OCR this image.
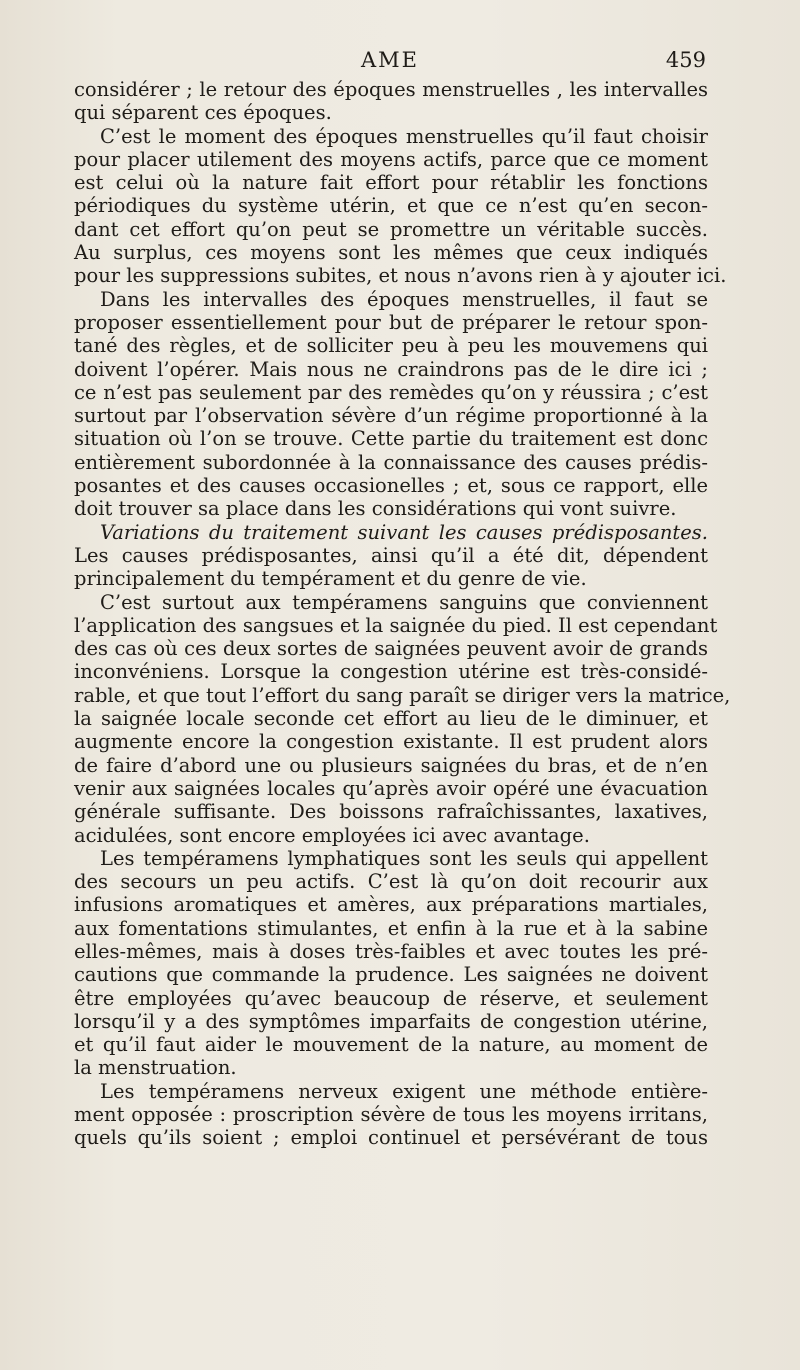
AME	459
considérer ; le retour des époques menstruelles , les intervalles
qui séparent ces époques.
C’est le moment des époques menstruelles qu’il faut choisir
pour placer utilement des moyens actifs, parce que ce moment
est celui où la nature fait effort pour rétablir les fonctions
périodiques du système utérin, et que ce n’est qu’en secon-
dant cet effort qu’on peut se promettre un véritable succès.
Au surplus, ces moyens sont les mêmes que ceux indiqués
pour les suppressions subites, et nous n’avons rien à y ajouter ici.
Dans les intervalles des époques menstruelles, il faut se
proposer essentiellement pour but de préparer le retour spon-
tané des règles, et de solliciter peu à peu les mouvemens qui
doivent l’opérer. Mais nous ne craindrons pas de le dire ici ;
ce n’est pas seulement par des remèdes qu’on y réussira ; c’est
surtout par l’observation sévère d’un régime proportionné à la
situation où l’on se trouve. Cette partie du traitement est donc
entièrement subordonnée à la connaissance des causes prédis-
posantes et des causes occasionelles ; et, sous ce rapport, elle
doit trouver sa place dans les considérations qui vont suivre.
Variations du traitement suivant les causes prédisposantes.
Les causes prédisposantes, ainsi qu’il a été dit, dépendent
principalement du tempérament et du genre de vie.
C’est surtout aux tempéramens sanguins que conviennent
l’application des sangsues et la saignée du pied. Il est cependant
des cas où ces deux sortes de saignées peuvent avoir de grands
inconvéniens. Lorsque la congestion utérine est très-considé-
rable, et que tout l’effort du sang paraît se diriger vers la matrice,
la saignée locale seconde cet effort au lieu de le diminuer, et
augmente encore la congestion existante. Il est prudent alors
de faire d’abord une ou plusieurs saignées du bras, et de n’en
venir aux saignées locales qu’après avoir opéré une évacuation
générale suffisante. Des boissons rafraîchissantes, laxatives,
acidulées, sont encore employées ici avec avantage.
Les tempéramens lymphatiques sont les seuls qui appellent
des secours un peu actifs. C’est là qu’on doit recourir aux
infusions aromatiques et amères, aux préparations martiales,
aux fomentations stimulantes, et enfin à la rue et à la sabine
elles-mêmes, mais à doses très-faibles et avec toutes les pré-
cautions que commande la prudence. Les saignées ne doivent
être employées qu’avec beaucoup de réserve, et seulement
lorsqu’il y a des symptômes imparfaits de congestion utérine,
et qu’il faut aider le mouvement de la nature, au moment de
la menstruation.
Les tempéramens nerveux exigent une méthode entière-
ment opposée : proscription sévère de tous les moyens irritans,
quels qu’ils soient ; emploi continuel et persévérant de tous
